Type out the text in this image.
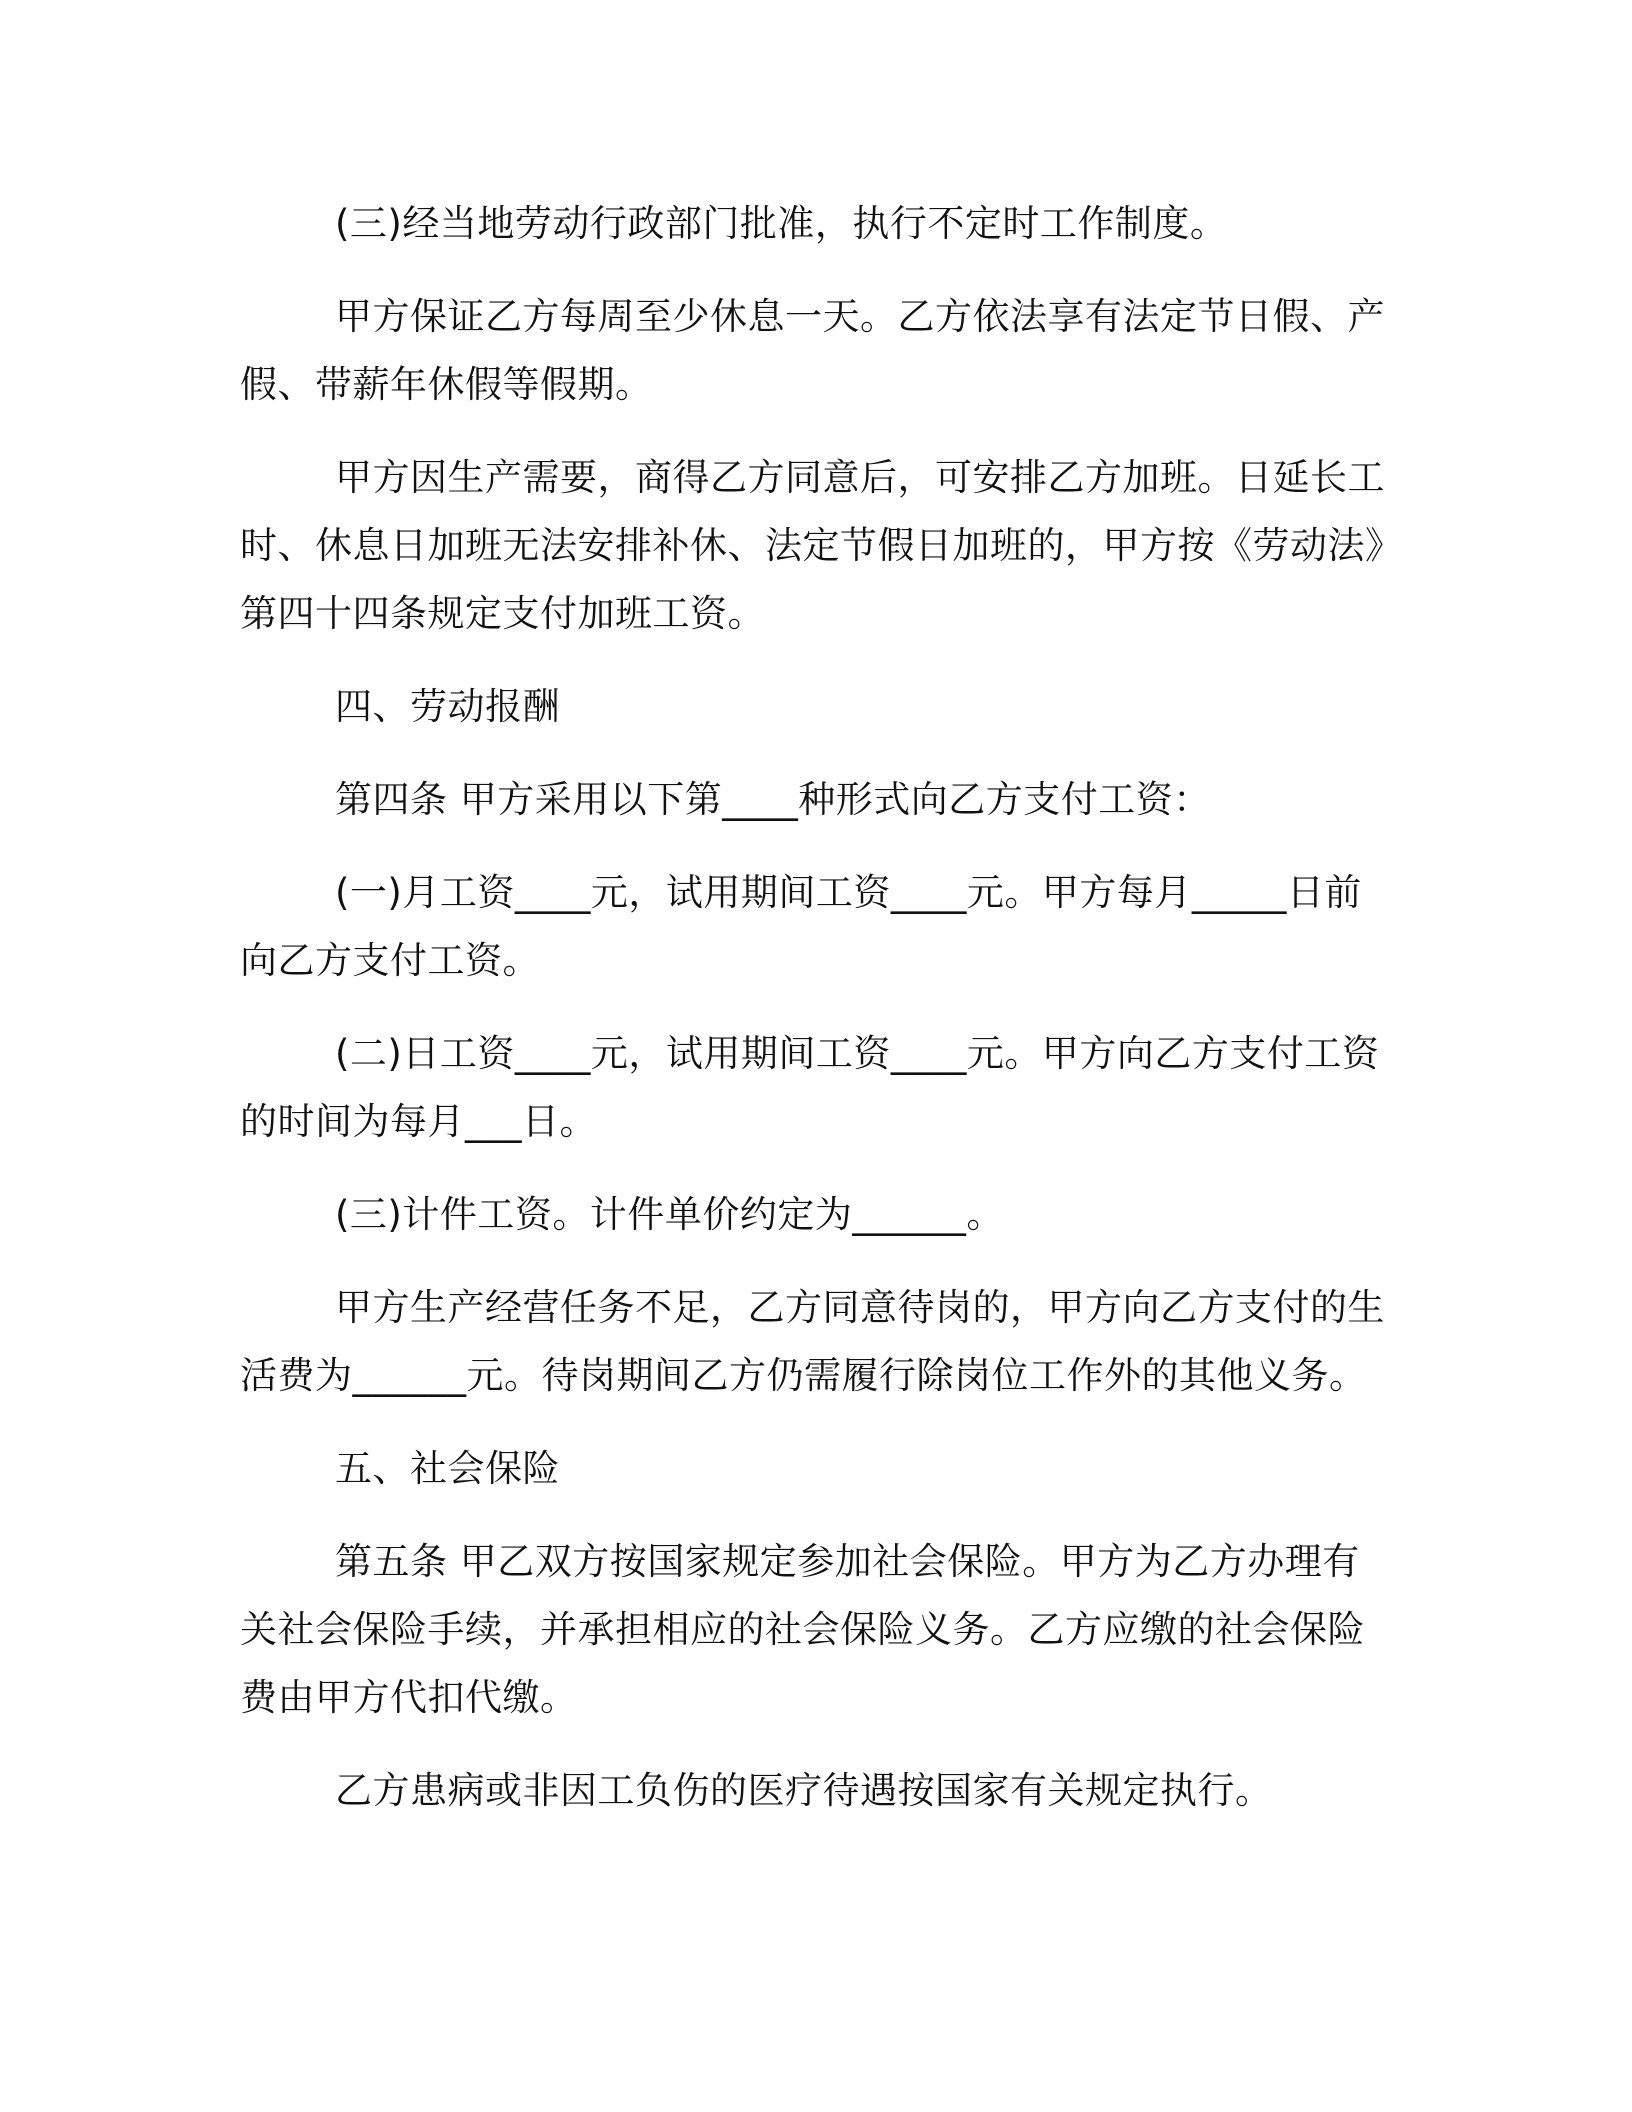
(三)经当地劳动行政部门批准，执行不定时工作制度。

甲方保证乙方每周至少休息一天。乙方依法享有法定节日假、产假、带薪年休假等假期。

甲方因生产需要，商得乙方同意后，可安排乙方加班。日延长工时、休息日加班无法安排补休、法定节假日加班的，甲方按《劳动法》第四十四条规定支付加班工资。

四、劳动报酬

第四条 甲方采用以下第____种形式向乙方支付工资：

(一)月工资____元，试用期间工资____元。甲方每月_____日前向乙方支付工资。

(二)日工资____元，试用期间工资____元。甲方向乙方支付工资的时间为每月___日。

(三)计件工资。计件单价约定为______。

甲方生产经营任务不足，乙方同意待岗的，甲方向乙方支付的生活费为______元。待岗期间乙方仍需履行除岗位工作外的其他义务。

五、社会保险

第五条 甲乙双方按国家规定参加社会保险。甲方为乙方办理有关社会保险手续，并承担相应的社会保险义务。乙方应缴的社会保险费由甲方代扣代缴。

乙方患病或非因工负伤的医疗待遇按国家有关规定执行。
